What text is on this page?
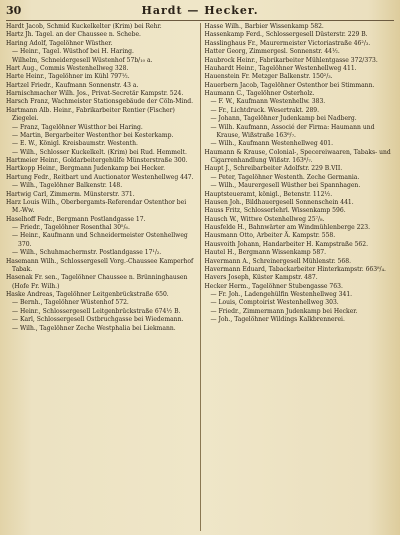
30	Hardt — Hecker.

Hardt Jacob, Schmid Kuckelkelter (Krim) bei Rehr.

Hartz Jh. Tagel. an der Chaussee n. Schebe.

Haring Adolf, Tagelöhner Wüsther.

— Heinr., Tagel. Wüsthof bei H. Haring.

Wilhelm, Schneidergesell Wüstenhof 57b/₁₀ a.

Hart Aug., Commis Westenhellweg 328.

Harte Heinr., Tagelöhner im Kühl 797½.

Hartzel Friedr., Kaufmann Sonnenstr. 43 a.

Harnischmacher Wilh. Jos., Privat-Secretär Kampstr. 524.

Harsch Franz, Wachmeister Stationsgebäude der Cöln-Mind.

Hartmann Alb. Heinr., Fabrikarbeiter Rentier (Fischer) Ziegelei.

— Franz, Tagelöhner Wüstthor bei Haring.

— Martin, Bergarbeiter Westenthor bei Kesterkamp.

— E. W., Königl. Kreisbaumstr. Westenth.

— Wilh., Schlosser Kuckelkelt. (Krim) bei Rud. Hemmelt.

Hartmeier Heinr., Goldarbeitergehülfe Münsterstraße 300.

Hartkopp Heinr., Bergmann Judenkamp bei Hecker.

Hartung Fedr., Reitbart und Auctionator Westenhellweg 447.

— Wilh., Tagelöhner Balkenstr. 148.

Hartwig Carl, Zimmerm. Münsterstr. 371.

Harz Louis Wilh., Oberbergamts-Referendar Ostenthor bei M.-Ww.

Haselhoff Fedr., Bergmann Postlandgasse 17.

— Friedr., Tagelöhner Rosenthal 30⁵/₆.

— Heinr., Kaufmann und Schneidermeister Ostenhellweg 370.

— Wilh., Schuhmachermstr. Postlandgasse 17¹/₂.

Hasemann Wilh., Schlossergesell Vorg.-Chaussee Kamperhof Tabak.

Hasenak Fr. sen., Tagelöhner Chaussee n. Brünninghausen (Hofe Fr. Wilh.)

Haske Andreas, Tagelöhner Leitgenbrückstraße 650.

— Bernh., Tagelöhner Wüstenhof 572.

— Heinr., Schlossergesell Leitgenbrückstraße 674½ B.

— Karl, Schlossergesell Ostbruchgasse bei Wiedemann.

— Wilh., Tagelöhner Zeche Westphalia bei Liekmann.

Hasse Wilh., Barbier Wissenkamp 582.

Hassenkamp Ferd., Schlossergesell Düsterstr. 229 B.

Hasslinghaus Fr., Maurermeister Victoriastraße 46²/₃.

Hatter Georg, Zimmergesl. Sonnenstr. 44½.

Haubrock Heinr., Fabrikarbeiter Mühlentgasse 372/373.

Hauhardt Heinr., Tagelöhner Westenhellweg 411.

Hauenstein Fr. Metzger Balkenstr. 150²/₃.

Hauerbern Jacob, Tagelöhner Ostenthor bei Stimmann.

Haumann C., Tagelöhner Osterholz.

— F. W., Kaufmann Westenhellw. 383.

— Fr., Lichtdruck. Wesertrakt. 289.

— Johann, Tagelöhner Judenkamp bei Nadberg.

— Wilh. Kaufmann, Associé der Firma: Haumann und Krause, Wißstraße 163⁶/₇.

— Wilh., Kaufmann Westenhellweg 401.

Haumann & Krause, Colonial-, Specereiwaaren, Tabaks- und Cigarrenhandlung Wißstr. 163⁶/₇.

Haupt J., Schreibarbeiter Adolfstr. 229 B.VII.

— Peter, Tagelöhner Westenth. Zeche Germania.

— Wilh., Maurergesell Wüsther bei Spannhagen.

Hauptsteueramt, königl., Betenstr. 112½.

Hausen Joh., Bildhauergesell Sonnenschein 441.

Hauss Fritz, Schlosserlehrl. Wissenkamp 596.

Hausch W., Wittwe Ostenhellweg 25⁷/₈.

Hausfelde H., Bahnwärter am Windmühlenberge 223.

Hausmann Otto, Arbeiter Ä. Kampstr. 558.

Hausvoith Johann, Handarbeiter H. Kampstraße 562.

Hautel H., Bergmann Wissenkamp 587.

Havermann A., Schreinergesell Mühlenstr. 568.

Havermann Eduard, Tabackarbeiter Hinterkampstr. 663⁸/₄.

Havers Joseph, Küster Kampstr. 487.

Hecker Herm., Tagelöhner Stubengasse 763.

— Fr. Joh., Ladengehülfin Westenhellweg 341.

— Louis, Comptoirist Westenhellweg 303.

— Friedr., Zimmermann Judenkamp bei Hecker.

— Joh., Tagelöhner Wildings Kalkbrennerei.
